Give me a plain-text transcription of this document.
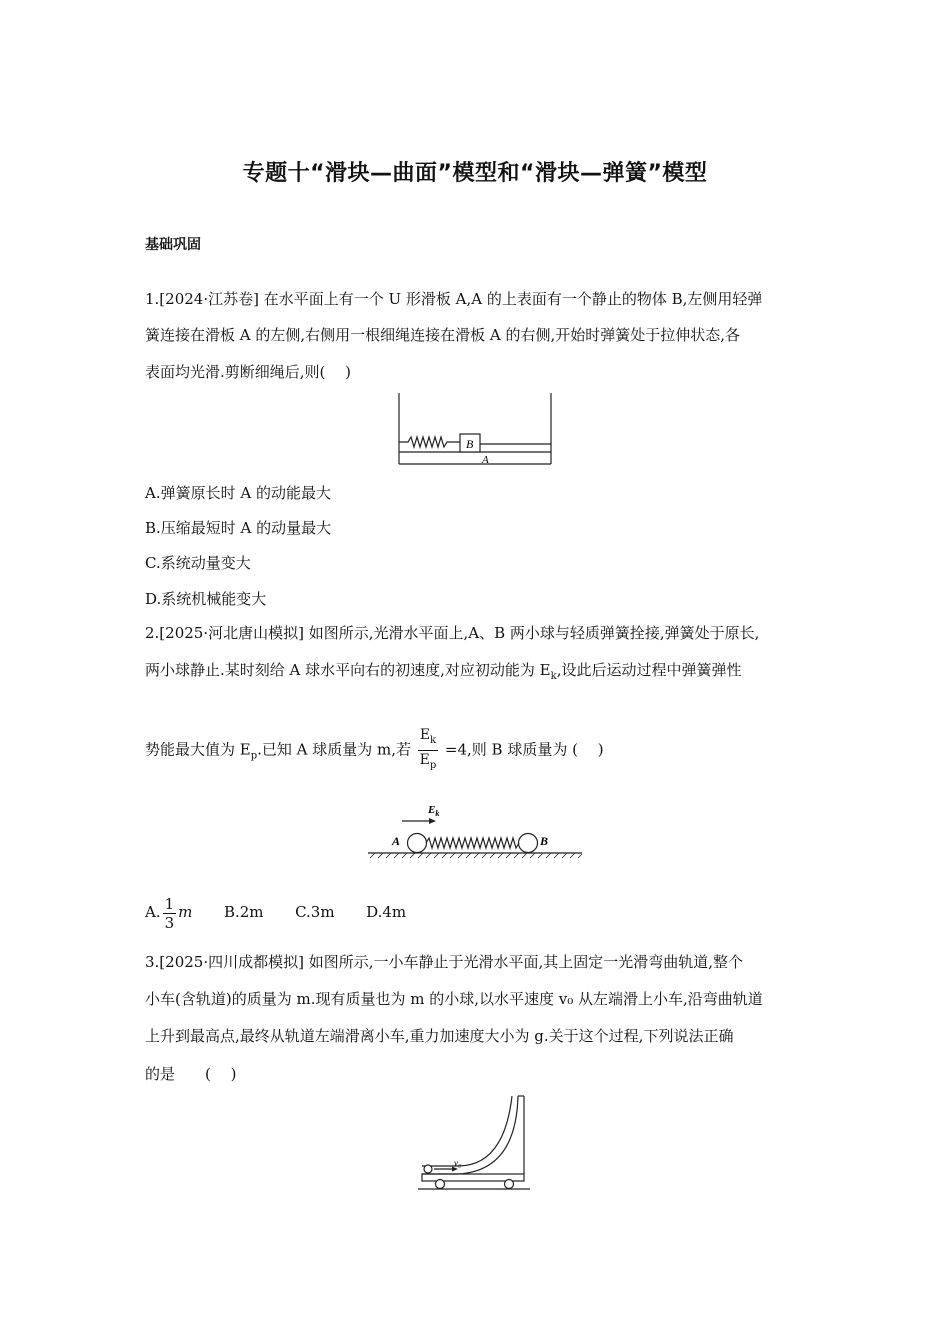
专题十“滑块—曲面”模型和“滑块—弹簧”模型
基础巩固
1.[2024·江苏卷] 在水平面上有一个 U 形滑板 A,A 的上表面有一个静止的物体 B,左侧用轻弹
簧连接在滑板 A 的左侧,右侧用一根细绳连接在滑板 A 的右侧,开始时弹簧处于拉伸状态,各
表面均光滑.剪断细绳后,则(　 )
B
A
A.弹簧原长时 A 的动能最大
B.压缩最短时 A 的动量最大
C.系统动量变大
D.系统机械能变大
2.[2025·河北唐山模拟] 如图所示,光滑水平面上,A、B 两小球与轻质弹簧拴接,弹簧处于原长,
两小球静止.某时刻给 A 球水平向右的初速度,对应初动能为 $E_k$,设此后运动过程中弹簧弹性
势能最大值为 $E_p$.已知 A 球质量为 m,若 $\frac{E_k}{E_p} =4$,则 B 球质量为 (　 )
$E_k$
A	B
A. $\frac{1}{3}$ m B.2m C.3m D.4m
3.[2025·四川成都模拟] 如图所示,一小车静止于光滑水平面,其上固定一光滑弯曲轨道,整个
小车(含轨道)的质量为 m.现有质量也为 m 的小球,以水平速度 v₀ 从左端滑上小车,沿弯曲轨道
上升到最高点,最终从轨道左端滑离小车,重力加速度大小为 g.关于这个过程,下列说法正确
的是　　(　 )
v₀
